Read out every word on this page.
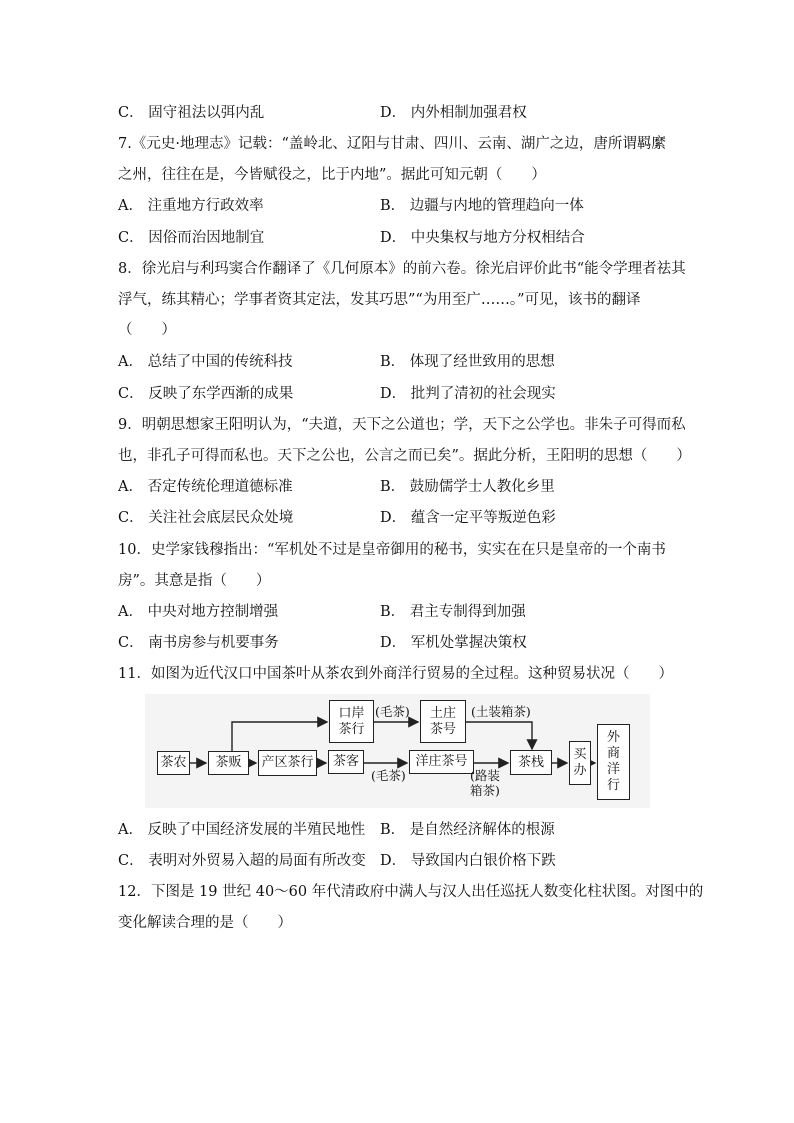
C． 固守祖法以弭内乱	D． 内外相制加强君权
7.《元史·地理志》记载：“盖岭北、辽阳与甘肃、四川、云南、湖广之边，唐所谓羁縻
之州，往往在是，今皆赋役之，比于内地”。据此可知元朝（　　）
A． 注重地方行政效率	B． 边疆与内地的管理趋向一体
C． 因俗而治因地制宜	D． 中央集权与地方分权相结合
8．徐光启与利玛窦合作翻译了《几何原本》的前六卷。徐光启评价此书“能令学理者祛其
浮气，练其精心；学事者资其定法，发其巧思”“为用至广……。”可见，该书的翻译
（　　）
A． 总结了中国的传统科技	B． 体现了经世致用的思想
C． 反映了东学西渐的成果	D． 批判了清初的社会现实
9．明朝思想家王阳明认为，“夫道，天下之公道也；学，天下之公学也。非朱子可得而私
也，非孔子可得而私也。天下之公也，公言之而已矣”。据此分析，王阳明的思想（　　）
A． 否定传统伦理道德标准	B． 鼓励儒学士人教化乡里
C． 关注社会底层民众处境	D． 蕴含一定平等叛逆色彩
10．史学家钱穆指出：“军机处不过是皇帝御用的秘书，实实在在只是皇帝的一个南书
房”。其意是指（　　）
A． 中央对地方控制增强	B． 君主专制得到加强
C． 南书房参与机要事务	D． 军机处掌握决策权
11．如图为近代汉口中国茶叶从茶农到外商洋行贸易的全过程。这种贸易状况（　　）
茶农	茶贩	产区茶行	茶客
口岸
茶行
土庄
茶号
洋庄茶号	茶栈	买
办
外
商
洋
行
(毛茶)	(土装箱茶)
(毛茶)	(路装
箱茶)
A． 反映了中国经济发展的半殖民地性 B． 是自然经济解体的根源
C． 表明对外贸易入超的局面有所改变 D． 导致国内白银价格下跌
12．下图是 19 世纪 40～60 年代清政府中满人与汉人出任巡抚人数变化柱状图。对图中的
变化解读合理的是（　　）
